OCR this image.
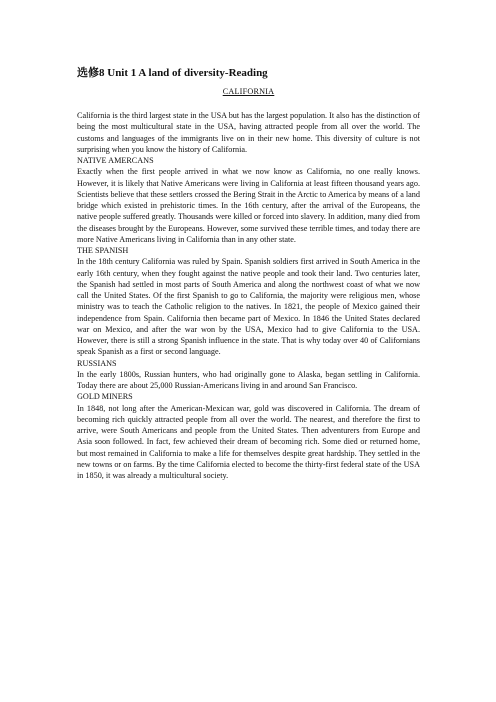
选修8 Unit 1 A land of diversity-Reading
CALIFORNIA

California is the third largest state in the USA but has the largest population. It also has the distinction of being the most multicultural state in the USA, having attracted people from all over the world. The customs and languages of the immigrants live on in their new home. This diversity of culture is not surprising when you know the history of California.

NATIVE AMERCANS

Exactly when the first people arrived in what we now know as California, no one really knows. However, it is likely that Native Americans were living in California at least fifteen thousand years ago. Scientists believe that these settlers crossed the Bering Strait in the Arctic to America by means of a land bridge which existed in prehistoric times. In the 16th century, after the arrival of the Europeans, the native people suffered greatly. Thousands were killed or forced into slavery. In addition, many died from the diseases brought by the Europeans. However, some survived these terrible times, and today there are more Native Americans living in California than in any other state.

THE SPANISH

In the 18th century California was ruled by Spain. Spanish soldiers first arrived in South America in the early 16th century, when they fought against the native people and took their land. Two centuries later, the Spanish had settled in most parts of South America and along the northwest coast of what we now call the United States. Of the first Spanish to go to California, the majority were religious men, whose ministry was to teach the Catholic religion to the natives. In 1821, the people of Mexico gained their independence from Spain. California then became part of Mexico. In 1846 the United States declared war on Mexico, and after the war won by the USA, Mexico had to give California to the USA. However, there is still a strong Spanish influence in the state. That is why today over 40 of Californians speak Spanish as a first or second language.

RUSSIANS

In the early 1800s, Russian hunters, who had originally gone to Alaska, began settling in California. Today there are about 25,000 Russian-Americans living in and around San Francisco.

GOLD MINERS

In 1848, not long after the American-Mexican war, gold was discovered in California. The dream of becoming rich quickly attracted people from all over the world. The nearest, and therefore the first to arrive, were South Americans and people from the United States. Then adventurers from Europe and Asia soon followed. In fact, few achieved their dream of becoming rich. Some died or returned home, but most remained in California to make a life for themselves despite great hardship. They settled in the new towns or on farms. By the time California elected to become the thirty-first federal state of the USA in 1850, it was already a multicultural society.
